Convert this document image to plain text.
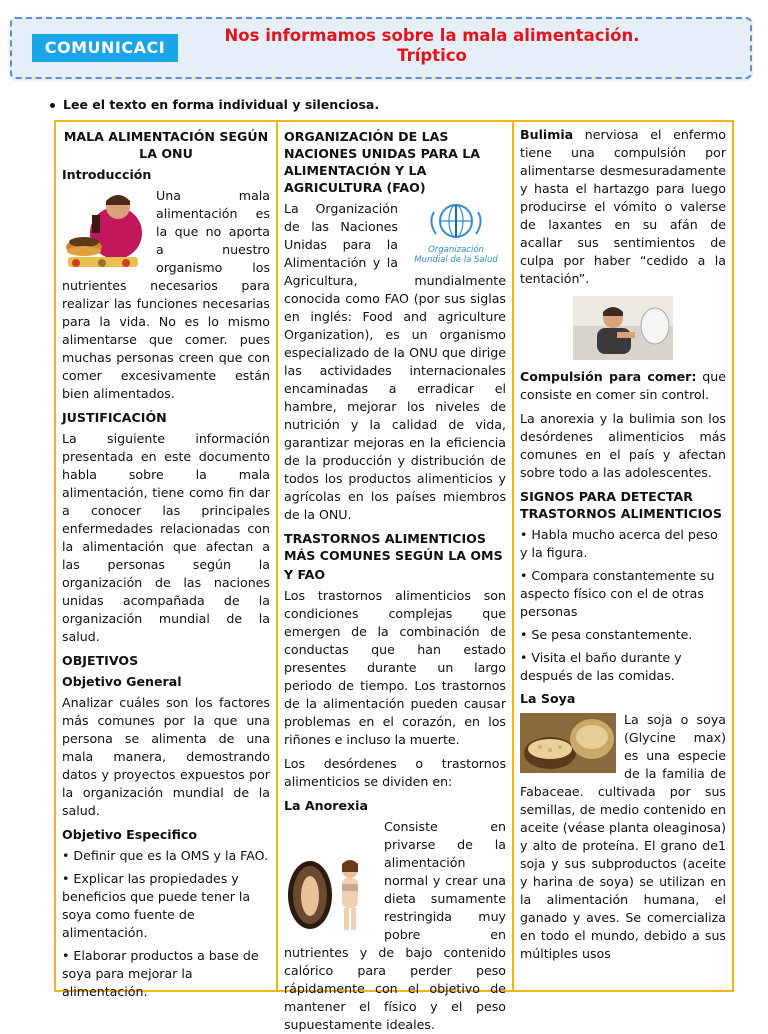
COMUNICACI
Nos informamos sobre la mala alimentación. Tríptico
Lee el texto en forma individual y silenciosa.
MALA ALIMENTACIÓN SEGÚN LA ONU
Introducción

Una mala alimentación es la que no aporta a nuestro organismo los nutrientes necesarios para realizar las funciones necesarias para la vida. No es lo mismo alimentarse que comer. pues muchas personas creen que con comer excesivamente están bien alimentados.

JUSTIFICACIÓN

La siguiente información presentada en este documento habla sobre la mala alimentación, tiene como fin dar a conocer las principales enfermedades relacionadas con la alimentación que afectan a las personas según la organización de las naciones unidas acompañada de la organización mundial de la salud.

OBJETIVOS
Objetivo General

Analizar cuáles son los factores más comunes por la que una persona se alimenta de una mala manera, demostrando datos y proyectos expuestos por la organización mundial de la salud.

Objetivo Especifico
• Definir que es la OMS y la FAO.
• Explicar las propiedades y beneficios que puede tener la soya como fuente de alimentación.
• Elaborar productos a base de soya para mejorar la alimentación.
ORGANIZACIÓN DE LAS NACIONES UNIDAS PARA LA ALIMENTACIÓN Y LA AGRICULTURA (FAO)
Organización Mundial de la Salud

La Organización de las Naciones Unidas para la Alimentación y la Agricultura, mundialmente conocida como FAO (por sus siglas en inglés: Food and agriculture Organization), es un organismo especializado de la ONU que dirige las actividades internacionales encaminadas a erradicar el hambre, mejorar los niveles de nutrición y la calidad de vida, garantizar mejoras en la eficiencia de la producción y distribución de todos los productos alimenticios y agrícolas en los países miembros de la ONU.

TRASTORNOS ALIMENTICIOS MÁS COMUNES SEGÚN LA OMS
Y FAO

Los trastornos alimenticios son condiciones complejas que emergen de la combinación de conductas que han estado presentes durante un largo periodo de tiempo. Los trastornos de la alimentación pueden causar problemas en el corazón, en los riñones e incluso la muerte.

Los desórdenes o trastornos alimenticios se dividen en:

La Anorexia

Consiste en privarse de la alimentación normal y crear una dieta sumamente restringida muy pobre en nutrientes y de bajo contenido calórico para perder peso rápidamente con el objetivo de mantener el físico y el peso supuestamente ideales.

Bulimia nerviosa el enfermo tiene una compulsión por alimentarse desmesuradamente y hasta el hartazgo para luego producirse el vómito o valerse de laxantes en su afán de acallar sus sentimientos de culpa por haber “cedido a la tentación”.

Compulsión para comer: que consiste en comer sin control.

La anorexia y la bulimia son los desórdenes alimenticios más comunes en el país y afectan sobre todo a las adolescentes.

SIGNOS PARA DETECTAR TRASTORNOS ALIMENTICIOS
• Habla mucho acerca del peso y la figura.
• Compara constantemente su aspecto físico con el de otras personas
• Se pesa constantemente.
• Visita el baño durante y después de las comidas.
La Soya

La soja o soya (Glycine max) es una especie de la familia de Fabaceae. cultivada por sus semillas, de medio contenido en aceite (véase planta oleaginosa) y alto de proteína. El grano de1 soja y sus subproductos (aceite y harina de soya) se utilizan en la alimentación humana, el ganado y aves. Se comercializa en todo el mundo, debido a sus múltiples usos
